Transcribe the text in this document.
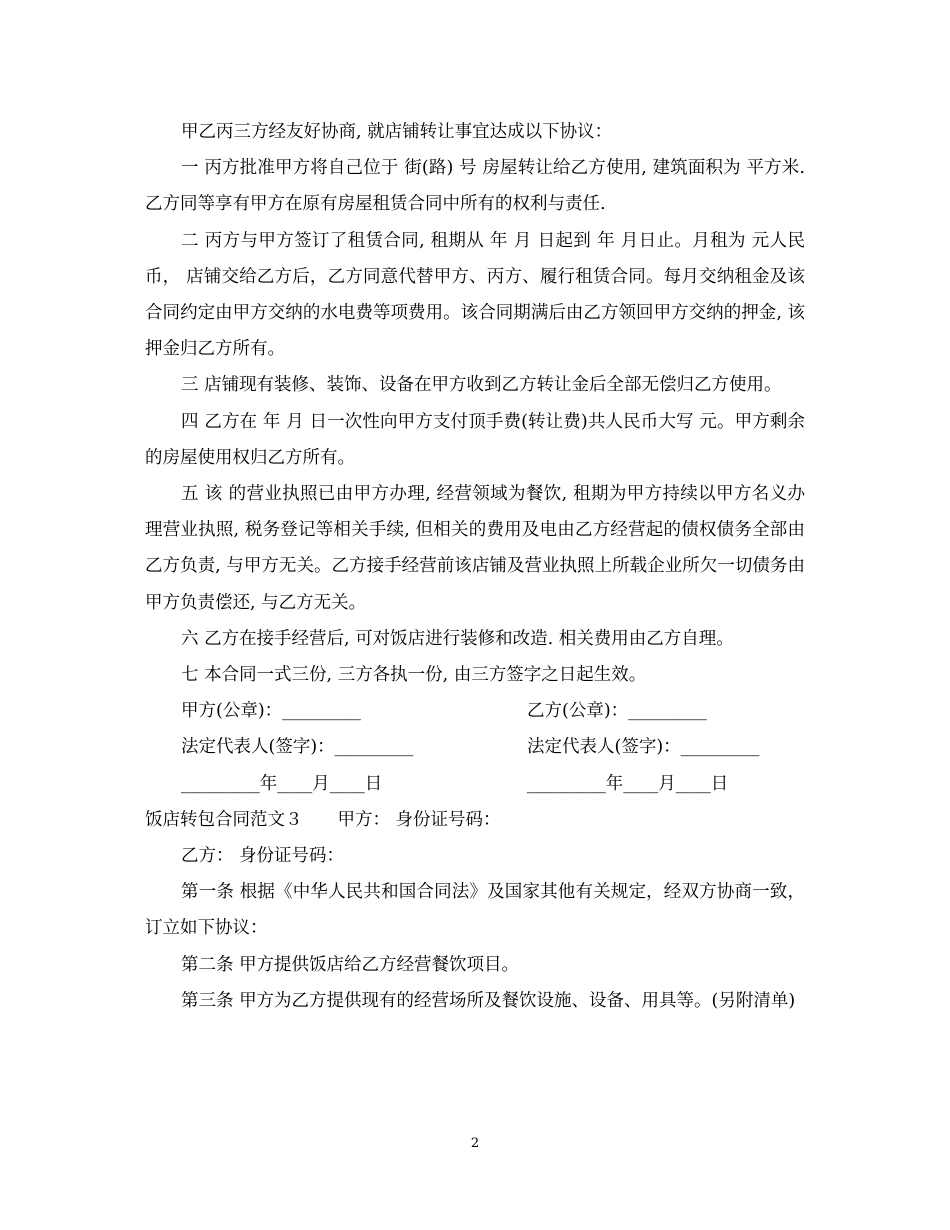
甲乙丙三方经友好协商, 就店铺转让事宜达成以下协议：

一 丙方批准甲方将自己位于 街(路) 号 房屋转让给乙方使用, 建筑面积为 平方米. 乙方同等享有甲方在原有房屋租赁合同中所有的权利与责任.

二 丙方与甲方签订了租赁合同, 租期从 年 月 日起到 年 月日止。月租为 元人民币， 店铺交给乙方后，乙方同意代替甲方、丙方、履行租赁合同。每月交纳租金及该合同约定由甲方交纳的水电费等项费用。该合同期满后由乙方领回甲方交纳的押金, 该押金归乙方所有。

三 店铺现有装修、装饰、设备在甲方收到乙方转让金后全部无偿归乙方使用。

四 乙方在 年 月 日一次性向甲方支付顶手费(转让费)共人民币大写 元。甲方剩余的房屋使用权归乙方所有。

五 该 的营业执照已由甲方办理, 经营领域为餐饮, 租期为甲方持续以甲方名义办理营业执照, 税务登记等相关手续, 但相关的费用及电由乙方经营起的债权债务全部由乙方负责, 与甲方无关。乙方接手经营前该店铺及营业执照上所载企业所欠一切债务由甲方负责偿还, 与乙方无关。

六 乙方在接手经营后, 可对饭店进行装修和改造. 相关费用由乙方自理。

七 本合同一式三份, 三方各执一份, 由三方签字之日起生效。

甲方(公章)：_________	乙方(公章)：_________
法定代表人(签字)：_________	法定代表人(签字)：_________
_________年____月____日	_________年____月____日

饭店转包合同范文３　　甲方： 身份证号码：

乙方： 身份证号码：

第一条 根据《中华人民共和国合同法》及国家其他有关规定，经双方协商一致，订立如下协议：

第二条 甲方提供饭店给乙方经营餐饮项目。

第三条 甲方为乙方提供现有的经营场所及餐饮设施、设备、用具等。(另附清单)

2
